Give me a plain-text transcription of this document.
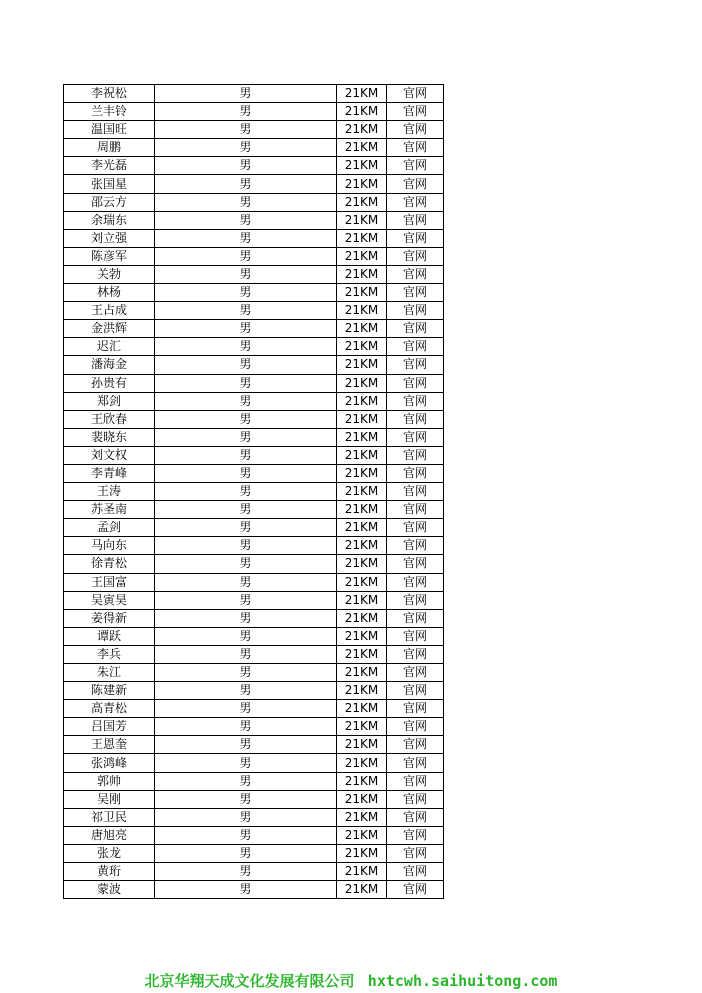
李祝松	男	21KM	官网
兰丰铃	男	21KM	官网
温国旺	男	21KM	官网
周鹏	男	21KM	官网
李光磊	男	21KM	官网
张国星	男	21KM	官网
邵云方	男	21KM	官网
余瑞东	男	21KM	官网
刘立强	男	21KM	官网
陈彦军	男	21KM	官网
关勃	男	21KM	官网
林杨	男	21KM	官网
王占成	男	21KM	官网
金洪辉	男	21KM	官网
迟汇	男	21KM	官网
潘海金	男	21KM	官网
孙贵有	男	21KM	官网
郑剑	男	21KM	官网
王欣春	男	21KM	官网
裴晓东	男	21KM	官网
刘文权	男	21KM	官网
李青峰	男	21KM	官网
王涛	男	21KM	官网
苏圣南	男	21KM	官网
孟剑	男	21KM	官网
马向东	男	21KM	官网
徐青松	男	21KM	官网
王国富	男	21KM	官网
吴寅昊	男	21KM	官网
姜得新	男	21KM	官网
谭跃	男	21KM	官网
李兵	男	21KM	官网
朱江	男	21KM	官网
陈建新	男	21KM	官网
高青松	男	21KM	官网
吕国芳	男	21KM	官网
王恩奎	男	21KM	官网
张鸿峰	男	21KM	官网
郭帅	男	21KM	官网
吴刚	男	21KM	官网
祁卫民	男	21KM	官网
唐旭亮	男	21KM	官网
张龙	男	21KM	官网
黄珩	男	21KM	官网
蒙波	男	21KM	官网
北京华翔天成文化发展有限公司 hxtcwh.saihuitong.com
